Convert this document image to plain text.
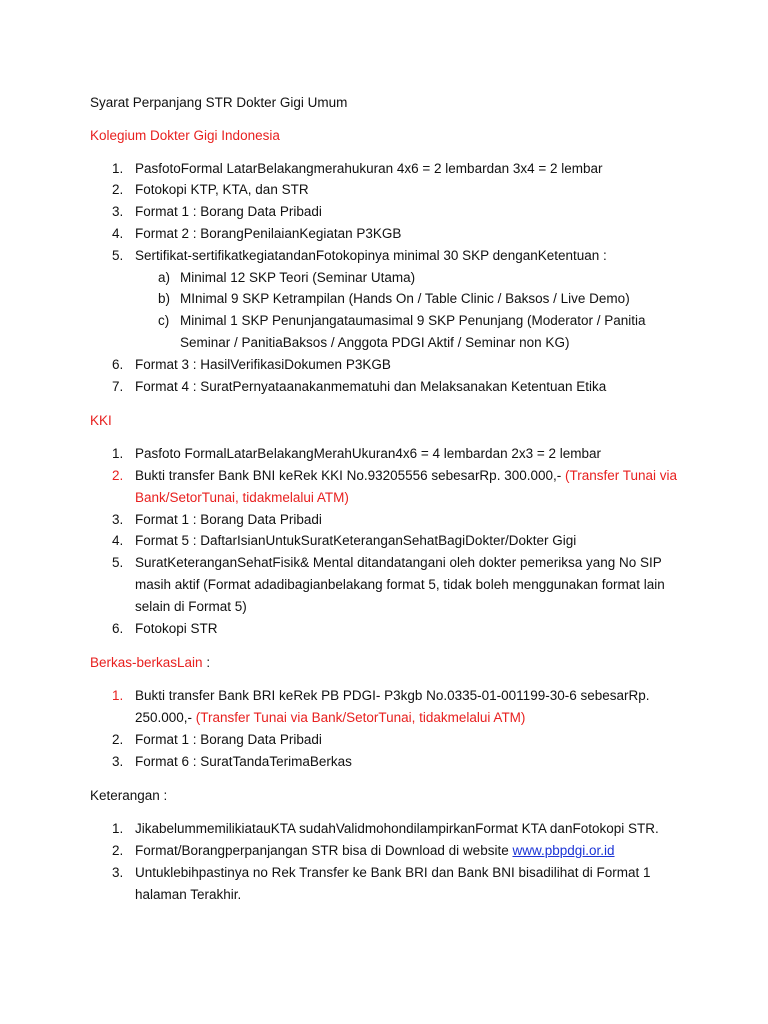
Syarat Perpanjang STR Dokter Gigi Umum

Kolegium Dokter Gigi Indonesia

1. PasfotoFormal LatarBelakangmerahukuran 4x6 = 2 lembardan 3x4 = 2 lembar
2. Fotokopi KTP, KTA, dan STR
3. Format 1 : Borang Data Pribadi
4. Format 2 : BorangPenilaianKegiatan P3KGB
5. Sertifikat-sertifikatkegiatandanFotokopinya minimal 30 SKP denganKetentuan :
a) Minimal 12 SKP Teori (Seminar Utama)
b) MInimal 9 SKP Ketrampilan (Hands On / Table Clinic / Baksos / Live Demo)
c) Minimal 1 SKP Penunjangataumasimal 9 SKP Penunjang (Moderator / Panitia Seminar / PanitiaBaksos / Anggota PDGI Aktif / Seminar non KG)
6. Format 3 : HasilVerifikasiDokumen P3KGB
7. Format 4 : SuratPernyataanakanmematuhi dan Melaksanakan Ketentuan Etika

KKI

1. Pasfoto FormalLatarBelakangMerahUkuran4x6 = 4 lembardan 2x3 = 2 lembar
2. Bukti transfer Bank BNI keRek KKI No.93205556 sebesarRp. 300.000,- (Transfer Tunai via Bank/SetorTunai, tidakmelalui ATM)
3. Format 1 : Borang Data Pribadi
4. Format 5 : DaftarIsianUntukSuratKeteranganSehatBagiDokter/Dokter Gigi
5. SuratKeteranganSehatFisik& Mental ditandatangani oleh dokter pemeriksa yang No SIP masih aktif (Format adadibagianbelakang format 5, tidak boleh menggunakan format lain selain di Format 5)
6. Fotokopi STR

Berkas-berkasLain :

1. Bukti transfer Bank BRI keRek PB PDGI- P3kgb No.0335-01-001199-30-6 sebesarRp. 250.000,- (Transfer Tunai via Bank/SetorTunai, tidakmelalui ATM)
2. Format 1 : Borang Data Pribadi
3. Format 6 : SuratTandaTerimaBerkas

Keterangan :

1. JikabelummemilikiatauKTA sudahValidmohondilampirkanFormat KTA danFotokopi STR.
2. Format/Borangperpanjangan STR bisa di Download di website www.pbpdgi.or.id
3. Untuklebihpastinya no Rek Transfer ke Bank BRI dan Bank BNI bisadilihat di Format 1 halaman Terakhir.
